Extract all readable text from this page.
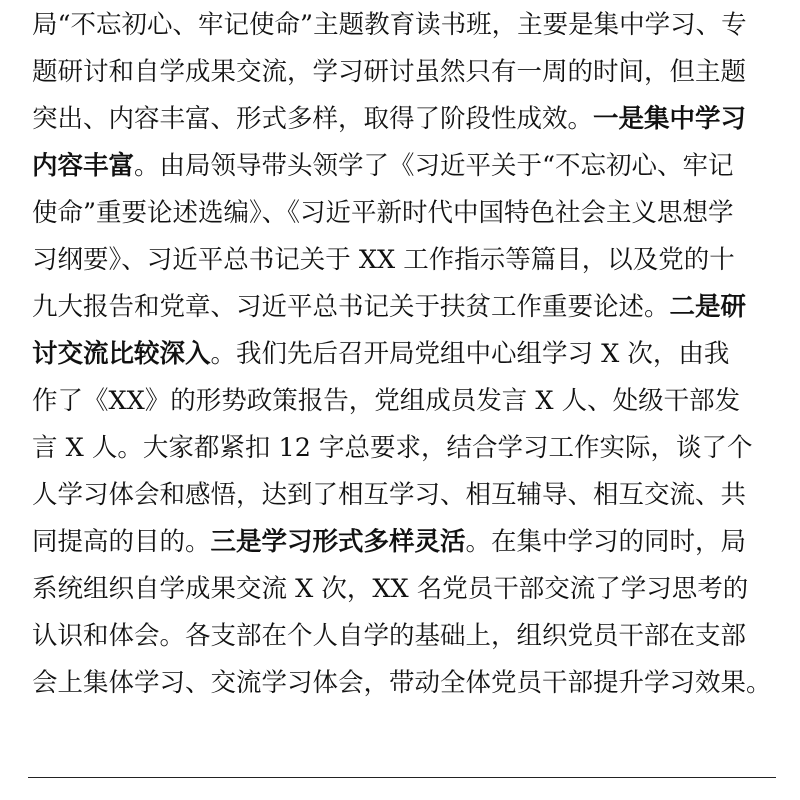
局“不忘初心、牢记使命”主题教育读书班，主要是集中学习、专
题研讨和自学成果交流，学习研讨虽然只有一周的时间，但主题
突出、内容丰富、形式多样，取得了阶段性成效。一是集中学习
内容丰富。由局领导带头领学了《习近平关于“不忘初心、牢记
使命”重要论述选编》、《习近平新时代中国特色社会主义思想学
习纲要》、习近平总书记关于 XX 工作指示等篇目，以及党的十
九大报告和党章、习近平总书记关于扶贫工作重要论述。二是研
讨交流比较深入。我们先后召开局党组中心组学习 X 次，由我
作了《XX》的形势政策报告，党组成员发言 X 人、处级干部发
言 X 人。大家都紧扣 12 字总要求，结合学习工作实际，谈了个
人学习体会和感悟，达到了相互学习、相互辅导、相互交流、共
同提高的目的。三是学习形式多样灵活。在集中学习的同时，局
系统组织自学成果交流 X 次，XX 名党员干部交流了学习思考的
认识和体会。各支部在个人自学的基础上，组织党员干部在支部
会上集体学习、交流学习体会，带动全体党员干部提升学习效果。
